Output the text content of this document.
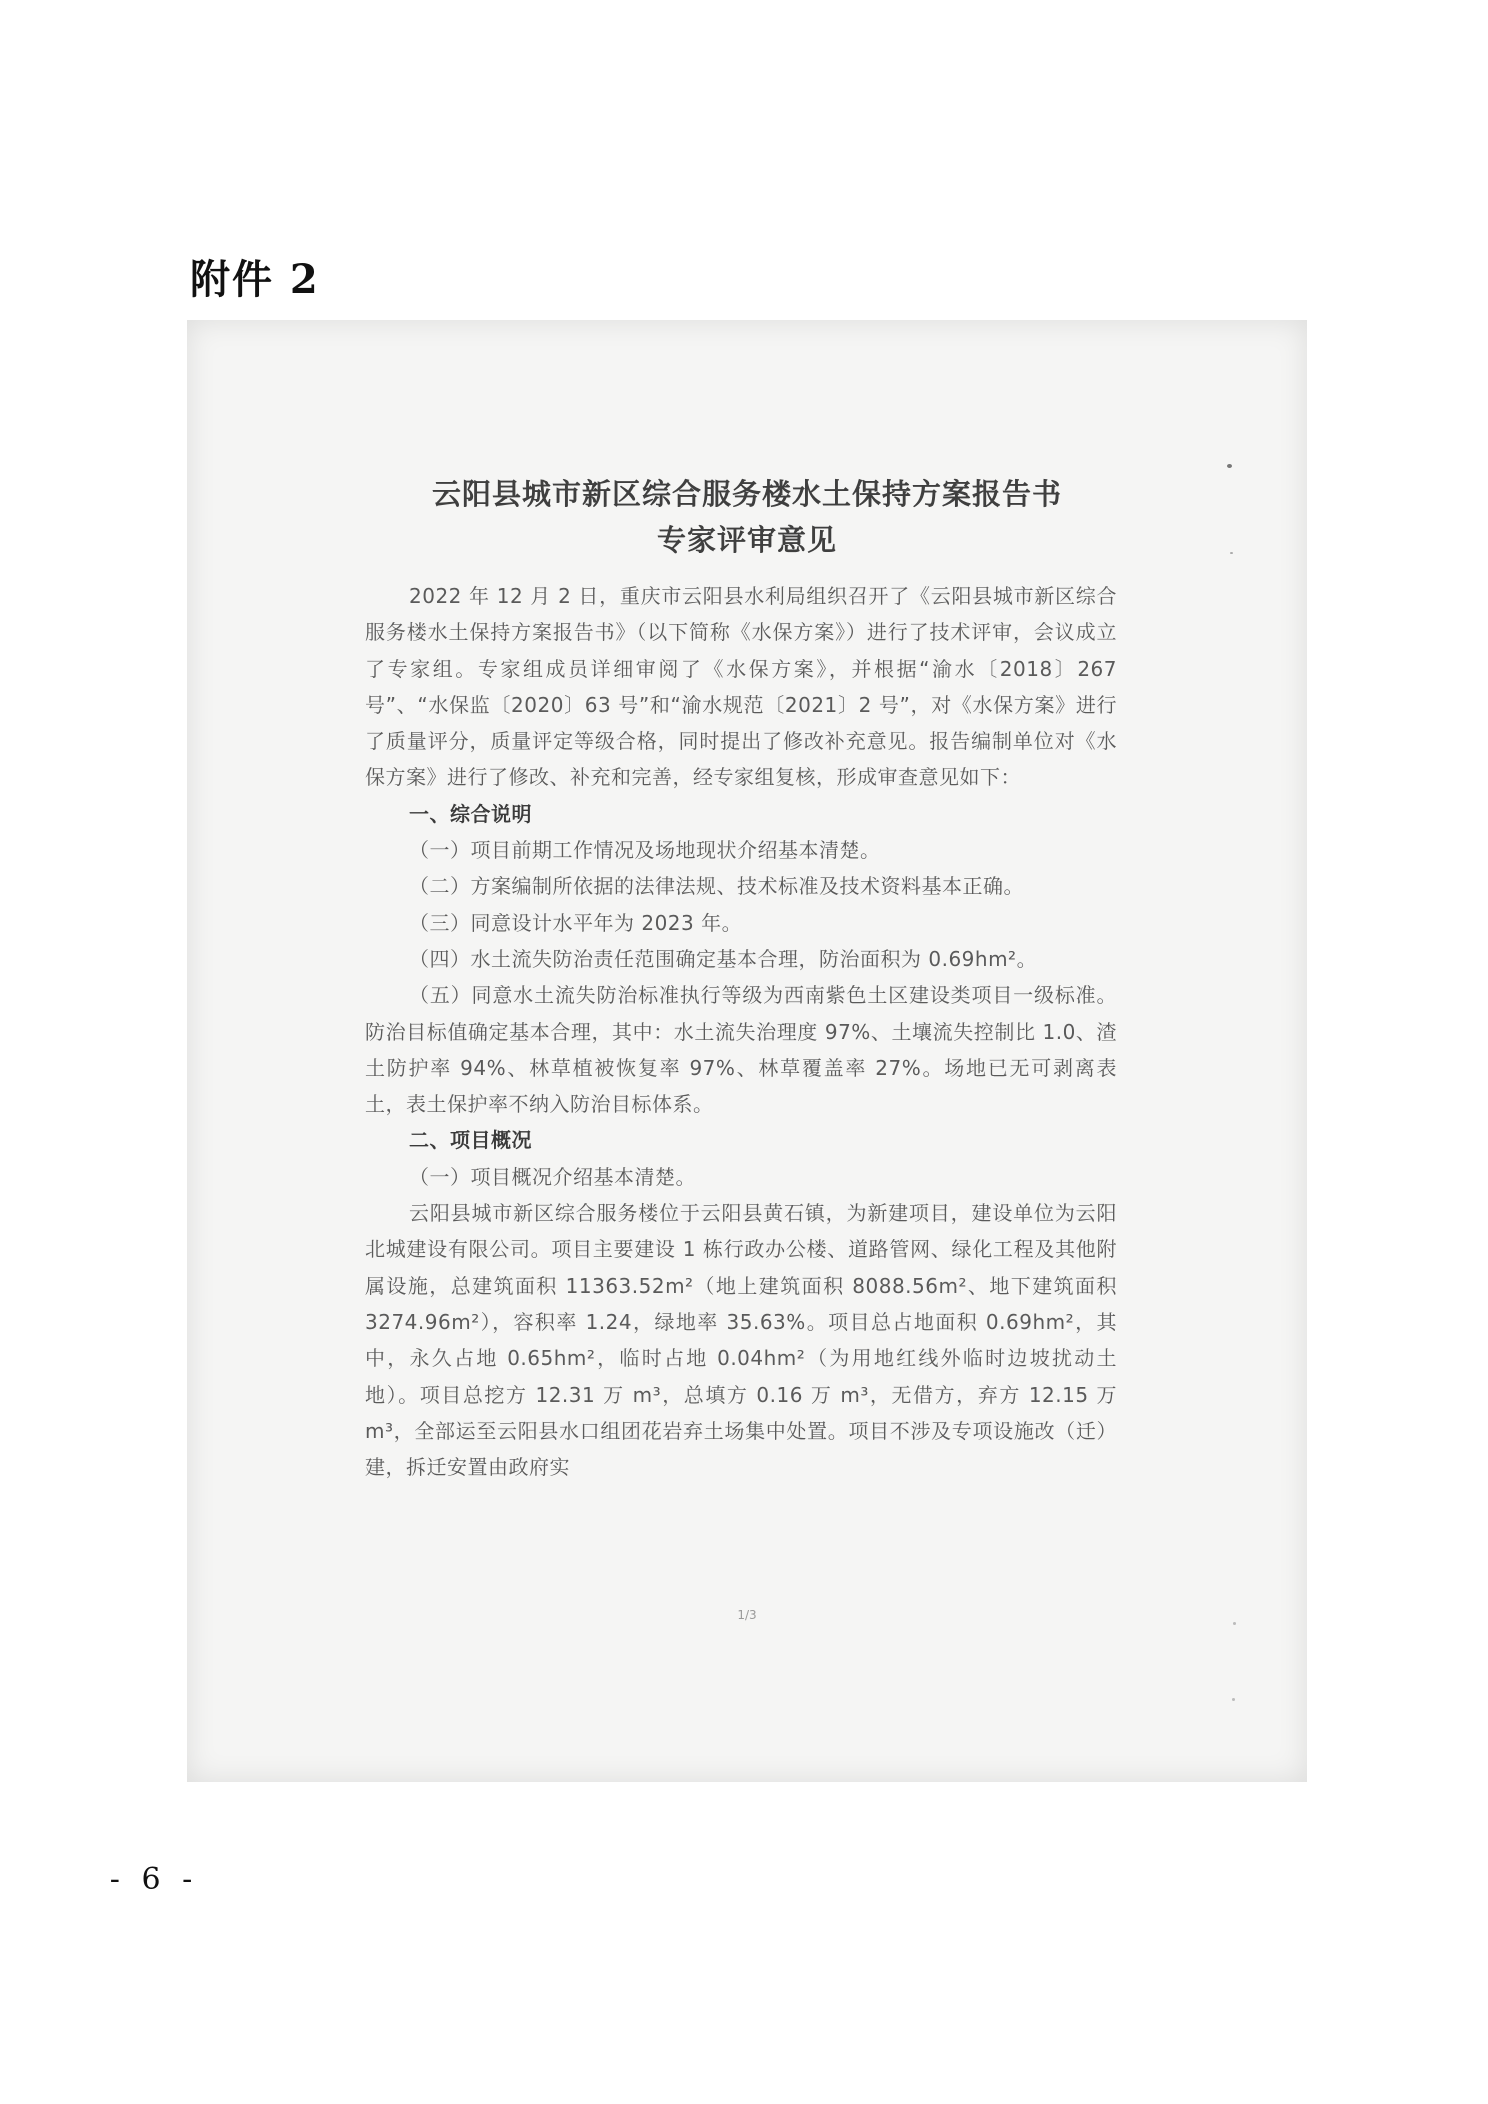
附件 2
云阳县城市新区综合服务楼水土保持方案报告书
专家评审意见

2022 年 12 月 2 日，重庆市云阳县水利局组织召开了《云阳县城市新区综合服务楼水土保持方案报告书》（以下简称《水保方案》）进行了技术评审，会议成立了专家组。专家组成员详细审阅了《水保方案》，并根据“渝水〔2018〕267 号”、“水保监〔2020〕63 号”和“渝水规范〔2021〕2 号”，对《水保方案》进行了质量评分，质量评定等级合格，同时提出了修改补充意见。报告编制单位对《水保方案》进行了修改、补充和完善，经专家组复核，形成审查意见如下：

一、综合说明

（一）项目前期工作情况及场地现状介绍基本清楚。

（二）方案编制所依据的法律法规、技术标准及技术资料基本正确。

（三）同意设计水平年为 2023 年。

（四）水土流失防治责任范围确定基本合理，防治面积为 0.69hm²。

（五）同意水土流失防治标准执行等级为西南紫色土区建设类项目一级标准。防治目标值确定基本合理，其中：水土流失治理度 97%、土壤流失控制比 1.0、渣土防护率 94%、林草植被恢复率 97%、林草覆盖率 27%。场地已无可剥离表土，表土保护率不纳入防治目标体系。

二、项目概况

（一）项目概况介绍基本清楚。

云阳县城市新区综合服务楼位于云阳县黄石镇，为新建项目，建设单位为云阳北城建设有限公司。项目主要建设 1 栋行政办公楼、道路管网、绿化工程及其他附属设施，总建筑面积 11363.52m²（地上建筑面积 8088.56m²、地下建筑面积 3274.96m²），容积率 1.24，绿地率 35.63%。项目总占地面积 0.69hm²，其中，永久占地 0.65hm²，临时占地 0.04hm²（为用地红线外临时边坡扰动土地）。项目总挖方 12.31 万 m³，总填方 0.16 万 m³，无借方，弃方 12.15 万 m³，全部运至云阳县水口组团花岩弃土场集中处置。项目不涉及专项设施改（迁）建，拆迁安置由政府实

1/3
- 6 -
